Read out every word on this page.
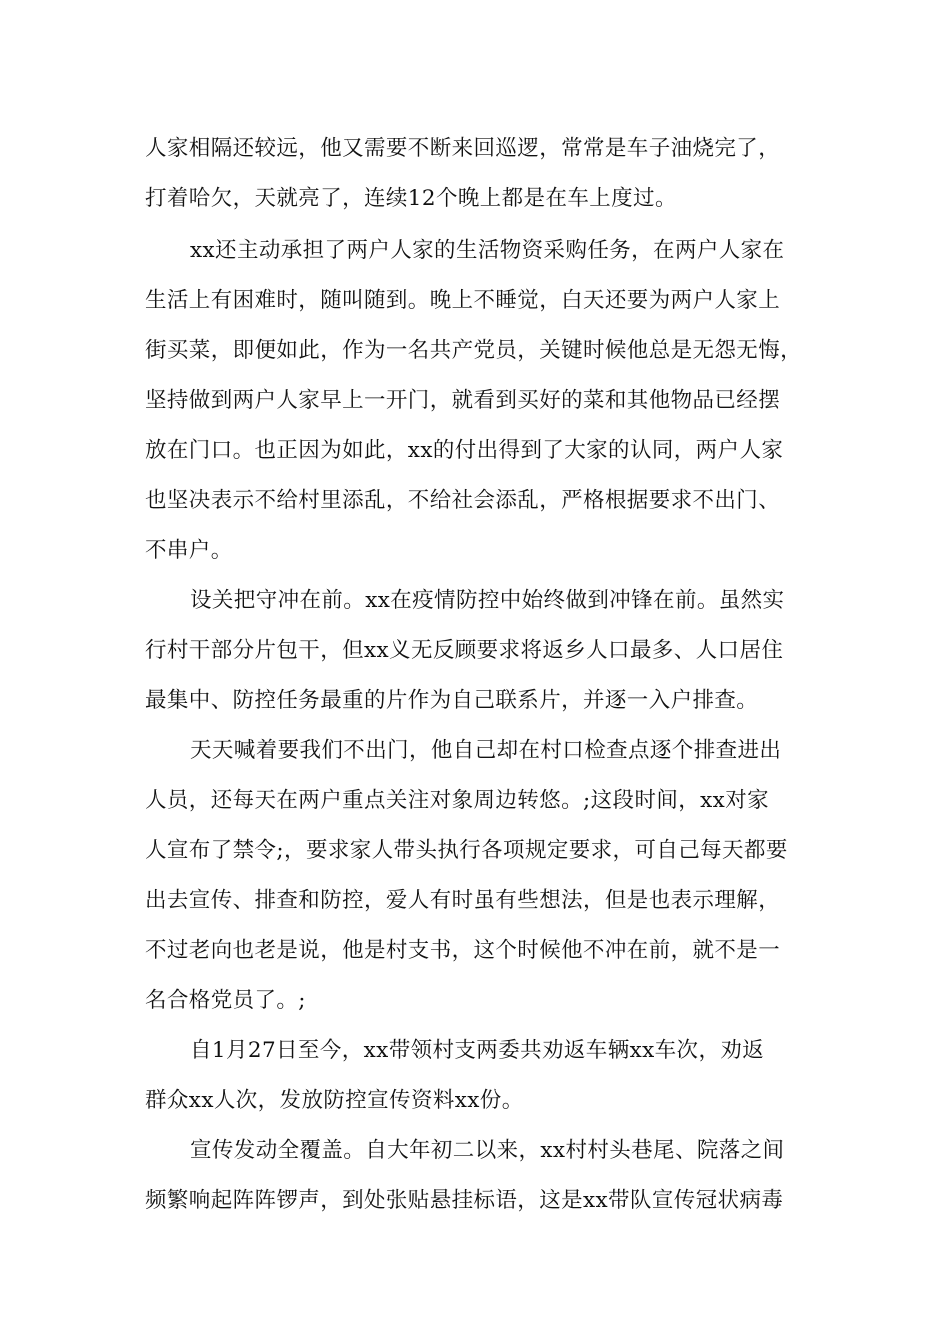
人家相隔还较远，他又需要不断来回巡逻，常常是车子油烧完了，
打着哈欠，天就亮了，连续12个晚上都是在车上度过。
xx还主动承担了两户人家的生活物资采购任务，在两户人家在
生活上有困难时，随叫随到。晚上不睡觉，白天还要为两户人家上
街买菜，即便如此，作为一名共产党员，关键时候他总是无怨无悔，
坚持做到两户人家早上一开门，就看到买好的菜和其他物品已经摆
放在门口。也正因为如此，xx的付出得到了大家的认同，两户人家
也坚决表示不给村里添乱，不给社会添乱，严格根据要求不出门、
不串户。
设关把守冲在前。xx在疫情防控中始终做到冲锋在前。虽然实
行村干部分片包干，但xx义无反顾要求将返乡人口最多、人口居住
最集中、防控任务最重的片作为自己联系片，并逐一入户排查。
天天喊着要我们不出门，他自己却在村口检查点逐个排查进出
人员，还每天在两户重点关注对象周边转悠。;这段时间，xx对家
人宣布了禁令;，要求家人带头执行各项规定要求，可自己每天都要
出去宣传、排查和防控，爱人有时虽有些想法，但是也表示理解，
不过老向也老是说，他是村支书，这个时候他不冲在前，就不是一
名合格党员了。;
自1月27日至今，xx带领村支两委共劝返车辆xx车次，劝返
群众xx人次，发放防控宣传资料xx份。
宣传发动全覆盖。自大年初二以来，xx村村头巷尾、院落之间
频繁响起阵阵锣声，到处张贴悬挂标语，这是xx带队宣传冠状病毒
